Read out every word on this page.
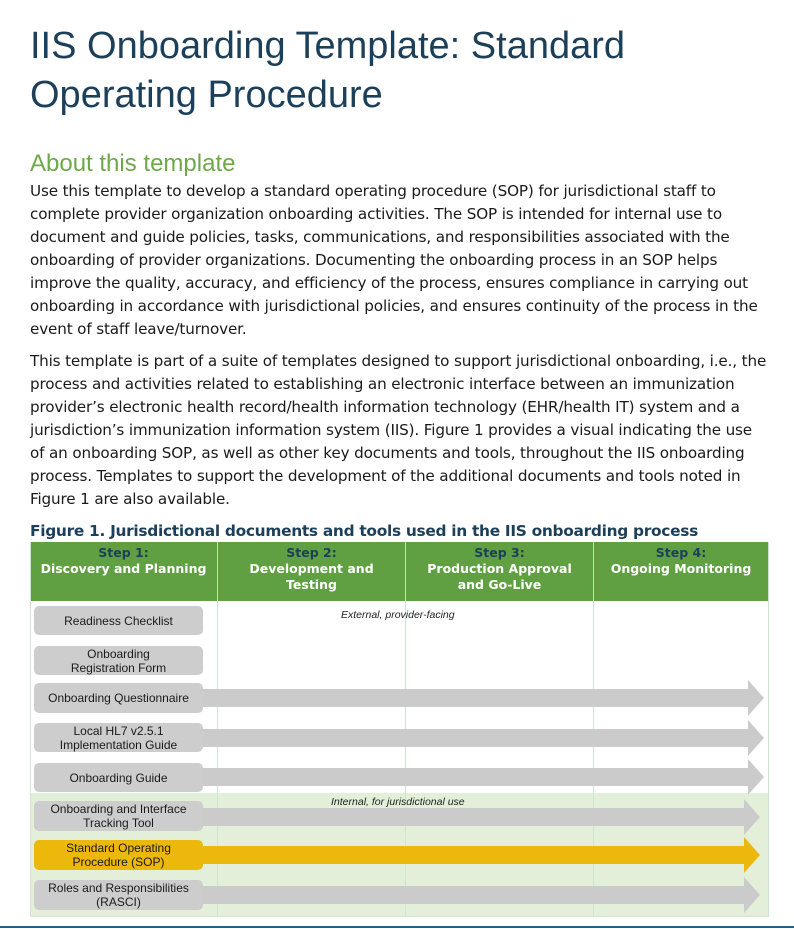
IIS Onboarding Template: Standard Operating Procedure
About this template

Use this template to develop a standard operating procedure (SOP) for jurisdictional staff to complete provider organization onboarding activities. The SOP is intended for internal use to document and guide policies, tasks, communications, and responsibilities associated with the onboarding of provider organizations. Documenting the onboarding process in an SOP helps improve the quality, accuracy, and efficiency of the process, ensures compliance in carrying out onboarding in accordance with jurisdictional policies, and ensures continuity of the process in the event of staff leave/turnover.

This template is part of a suite of templates designed to support jurisdictional onboarding, i.e., the process and activities related to establishing an electronic interface between an immunization provider’s electronic health record/health information technology (EHR/health IT) system and a jurisdiction’s immunization information system (IIS). Figure 1 provides a visual indicating the use of an onboarding SOP, as well as other key documents and tools, throughout the IIS onboarding process. Templates to support the development of the additional documents and tools noted in Figure 1 are also available.

Figure 1. Jurisdictional documents and tools used in the IIS onboarding process

Step 1:
Discovery and Planning
Step 2:
Development and Testing
Step 3:
Production Approval and Go-Live
Step 4:
Ongoing Monitoring
External, provider-facing
Internal, for jurisdictional use
Readiness Checklist
Onboarding Registration Form
Onboarding Questionnaire
Local HL7 v2.5.1 Implementation Guide
Onboarding Guide
Onboarding and Interface Tracking Tool
Standard Operating Procedure (SOP)
Roles and Responsibilities (RASCI)
